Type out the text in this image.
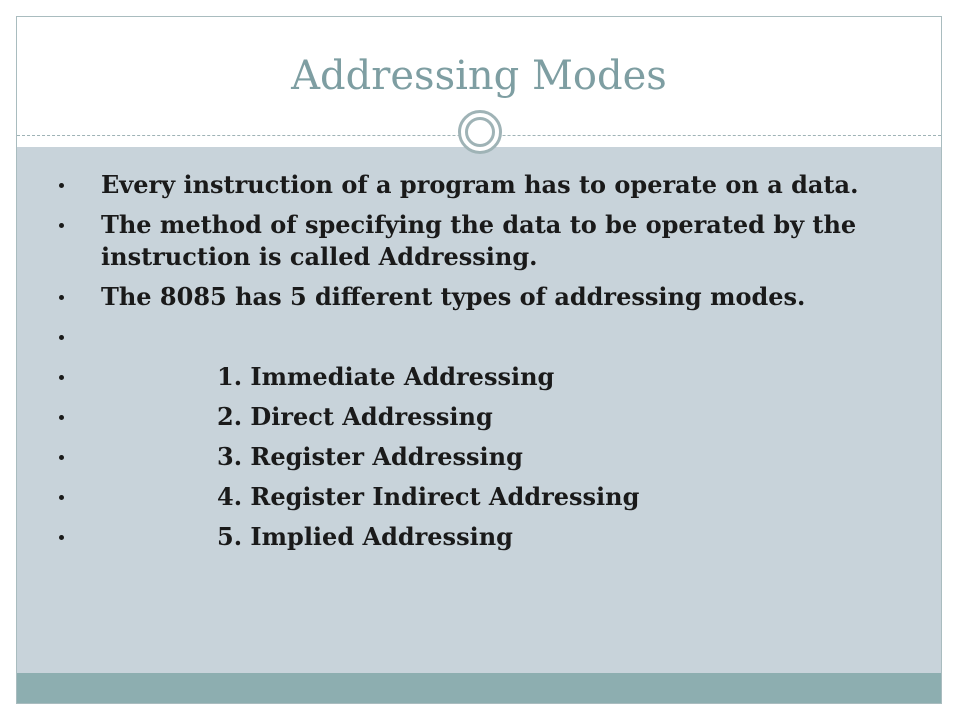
Addressing Modes
Every instruction of a program has to operate on a data.
The method of specifying the data to be operated by the instruction is called Addressing.
The 8085 has 5 different types of addressing modes.
1. Immediate Addressing
2. Direct Addressing
3. Register Addressing
4. Register Indirect Addressing
5. Implied Addressing
